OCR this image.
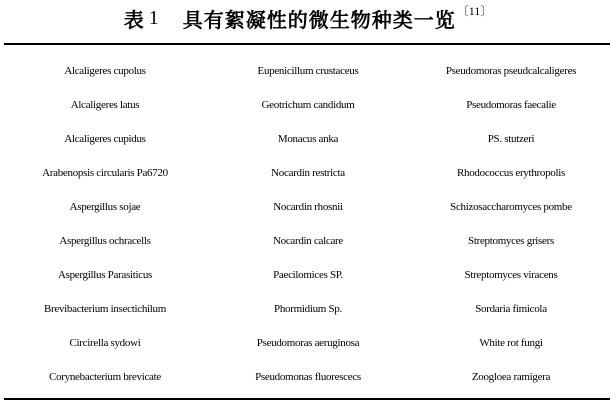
表 1 具有絮凝性的微生物种类一览$^{〔11〕}$
Alcaligeres cupolus	Eupenicillum crustaceus	Pseudomoras pseudcalcaligeres
Alcaligeres latus	Geotrichum candidum	Pseudomoras faecalie
Alcaligeres cupidus	Monacus anka	PS. stutzeri
Arabenopsis circularis Pa6720	Nocardin restricta	Rhodococcus erythropolis
Aspergillus sojae	Nocardin rhosnii	Schizosaccharomyces pombe
Aspergillus ochracells	Nocardin calcare	Streptomyces grisers
Aspergillus Parasiticus	Paecilomices SP.	Streptomyces viracens
Brevibacterium insectichilum	Phormidium Sp.	Sordaria fimicola
Circirella sydowi	Pseudomoras aeruginosa	White rot fungi
Corynebacterium brevicate	Pseudomonas fluorescecs	Zoogloea ramigera
